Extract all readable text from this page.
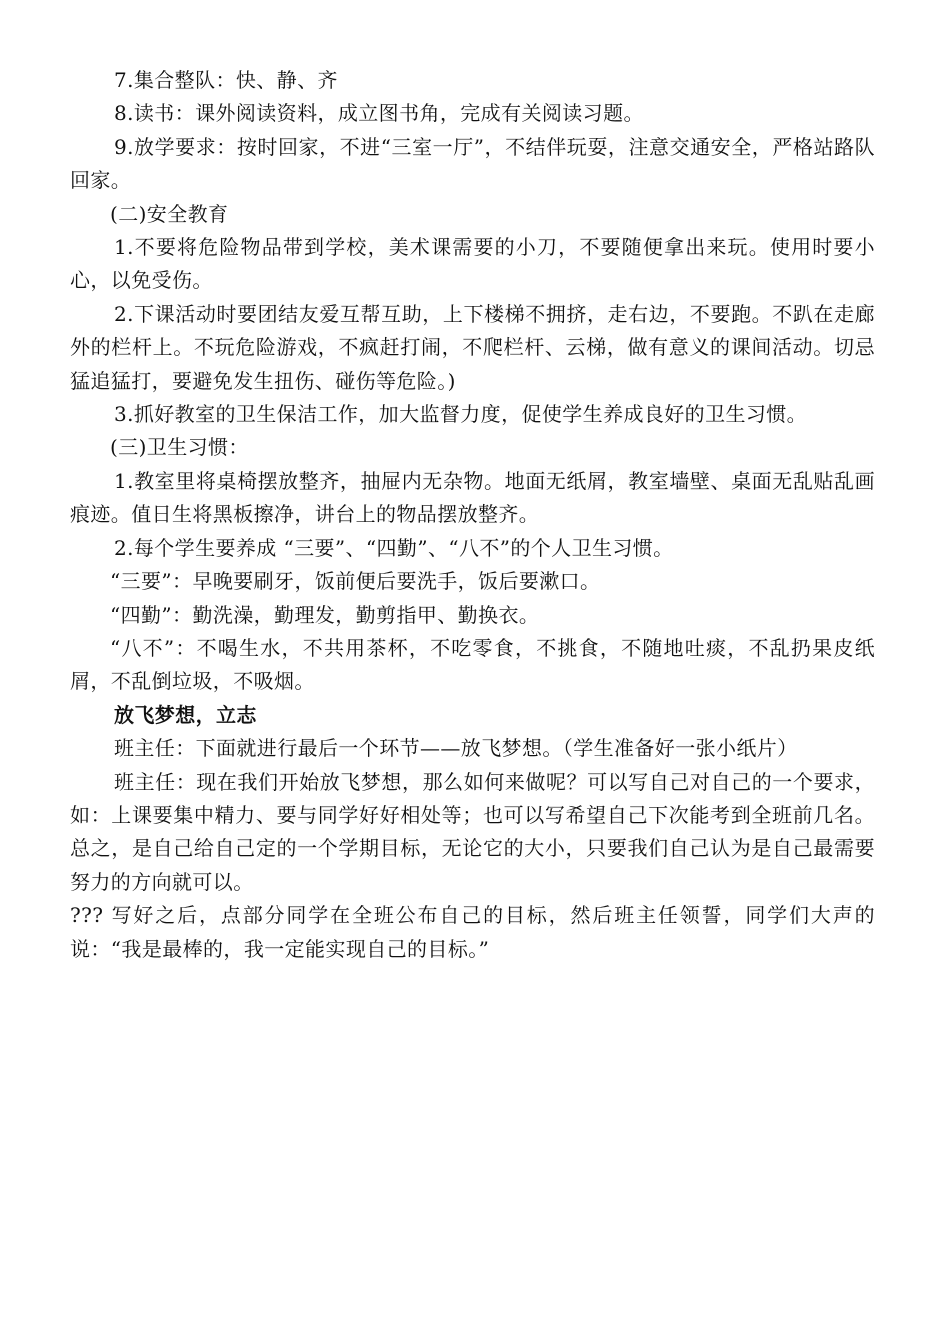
7.集合整队：快、静、齐

8.读书：课外阅读资料，成立图书角，完成有关阅读习题。

9.放学要求：按时回家，不进“三室一厅”，不结伴玩耍，注意交通安全，严格站路队回家。

(二)安全教育

1.不要将危险物品带到学校，美术课需要的小刀，不要随便拿出来玩。使用时要小心，以免受伤。

2.下课活动时要团结友爱互帮互助，上下楼梯不拥挤，走右边，不要跑。不趴在走廊外的栏杆上。不玩危险游戏，不疯赶打闹，不爬栏杆、云梯，做有意义的课间活动。切忌猛追猛打，要避免发生扭伤、碰伤等危险。)

3.抓好教室的卫生保洁工作，加大监督力度，促使学生养成良好的卫生习惯。

(三)卫生习惯：

1.教室里将桌椅摆放整齐，抽屉内无杂物。地面无纸屑，教室墙壁、桌面无乱贴乱画痕迹。值日生将黑板擦净，讲台上的物品摆放整齐。

2.每个学生要养成 “三要”、“四勤”、“八不”的个人卫生习惯。

“三要”：早晚要刷牙，饭前便后要洗手，饭后要漱口。

“四勤”：勤洗澡，勤理发，勤剪指甲、勤换衣。

“八不”：不喝生水，不共用茶杯，不吃零食，不挑食，不随地吐痰，不乱扔果皮纸屑，不乱倒垃圾，不吸烟。

放飞梦想，立志

班主任：下面就进行最后一个环节——放飞梦想。（学生准备好一张小纸片）

班主任：现在我们开始放飞梦想，那么如何来做呢？可以写自己对自己的一个要求，如：上课要集中精力、要与同学好好相处等；也可以写希望自己下次能考到全班前几名。总之，是自己给自己定的一个学期目标，无论它的大小，只要我们自己认为是自己最需要努力的方向就可以。

??? 写好之后，点部分同学在全班公布自己的目标，然后班主任领誓，同学们大声的说：“我是最棒的，我一定能实现自己的目标。”
